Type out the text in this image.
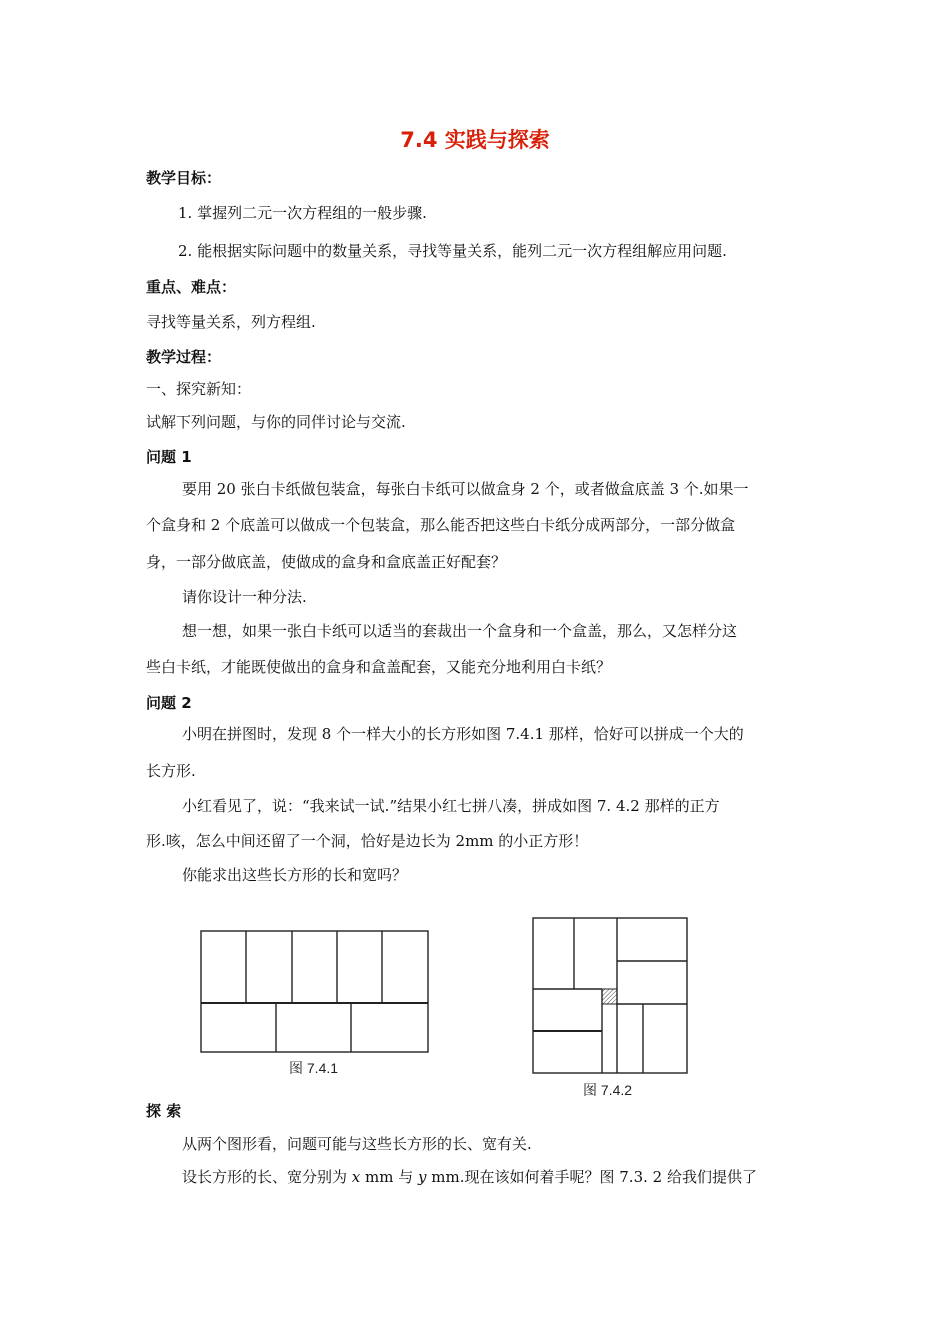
7.4 实践与探索
教学目标：
1. 掌握列二元一次方程组的一般步骤.
2. 能根据实际问题中的数量关系，寻找等量关系，能列二元一次方程组解应用问题.
重点、难点：
寻找等量关系，列方程组.
教学过程：
一、探究新知：
试解下列问题，与你的同伴讨论与交流.
问题 1
要用 20 张白卡纸做包装盒，每张白卡纸可以做盒身 2 个，或者做盒底盖 3 个.如果一
个盒身和 2 个底盖可以做成一个包装盒，那么能否把这些白卡纸分成两部分，一部分做盒
身，一部分做底盖，使做成的盒身和盒底盖正好配套？
请你设计一种分法.
想一想，如果一张白卡纸可以适当的套裁出一个盒身和一个盒盖，那么，又怎样分这
些白卡纸，才能既使做出的盒身和盒盖配套，又能充分地利用白卡纸？
问题 2
小明在拼图时，发现 8 个一样大小的长方形如图 7.4.1 那样，恰好可以拼成一个大的
长方形.
小红看见了，说：“我来试一试.”结果小红七拼八凑，拼成如图 7. 4.2 那样的正方
形.咳，怎么中间还留了一个洞，恰好是边长为 2mm 的小正方形！
你能求出这些长方形的长和宽吗？
图 7.4.1
图 7.4.2
探 索
从两个图形看，问题可能与这些长方形的长、宽有关.
设长方形的长、宽分别为 x mm 与 y mm.现在该如何着手呢？图 7.3. 2 给我们提供了
